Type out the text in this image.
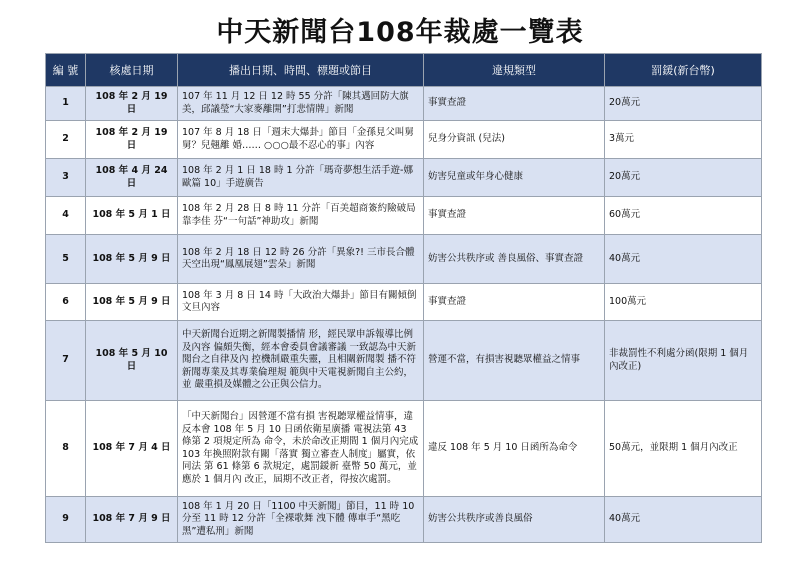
中天新聞台108年裁處一覽表
編 號	核處日期	播出日期、時間、標題或節目	違規類型	罰鍰(新台幣)
1	108 年 2 月 19 日	107 年 11 月 12 日 12 時 55 分許「陳其邁回防大旗美，邱議瑩“大家麥離開”打悲情牌」新聞	事實查證	20萬元
2	108 年 2 月 19 日	107 年 8 月 18 日「週末大爆卦」節目「金孫見父叫舅舅？兒翹離 婚…… ○○○最不忍心的事」內容	兒身分資訊 (兒法)	3萬元
3	108 年 4 月 24 日	108 年 2 月 1 日 18 時 1 分許「瑪奇夢想生活手遊-娜歐篇 10」手遊廣告	妨害兒童或年身心健康	20萬元
4	108 年 5 月 1 日	108 年 2 月 28 日 8 時 11 分許「百美超商簽約險破局 靠李佳 芬“一句話”神助攻」新聞	事實查證	60萬元
5	108 年 5 月 9 日	108 年 2 月 18 日 12 時 26 分許「異象?! 三市長合體天空出現“鳳凰展翅”雲朵」新聞	妨害公共秩序或 善良風俗、事實查證	40萬元
6	108 年 5 月 9 日	108 年 3 月 8 日 14 時「大政治大爆卦」節目有關傾倒文旦內容	事實查證	100萬元
7	108 年 5 月 10 日	中天新聞台近期之新聞製播情 形，經民眾申訴報導比例及內容 偏頗失衡，經本會委員會議審議 一致認為中天新聞台之自律及內 控機制嚴重失靈，且相關新聞製 播不符新聞專業及其專業倫理規 範與中天電視新聞自主公約，並 嚴重損及媒體之公正與公信力。	營運不當，有損害視聽眾權益之情事	非裁罰性不利處分函(限期 1 個月內改正)
8	108 年 7 月 4 日	「中天新聞台」因營運不當有損 害視聽眾權益情事，違反本會 108 年 5 月 10 日函依衛星廣播 電視法第 43 條第 2 項規定所為 命令，未於命改正期間 1 個月內完成 103 年換照附款有關「落實 獨立審查人制度」屬實，依同法 第 61 條第 6 款規定，處罰鍰新 臺幣 50 萬元，並應於 1 個月內 改正，屆期不改正者，得按次處罰。	違反 108 年 5 月 10 日函所為命令	50萬元，並限期 1 個月內改正
9	108 年 7 月 9 日	108 年 1 月 20 日「1100 中天新聞」節目，11 時 10 分至 11 時 12 分許「全裸歌舞 洩下體 傳車手“黑吃黑”遭私刑」新聞	妨害公共秩序或善良風俗	40萬元
